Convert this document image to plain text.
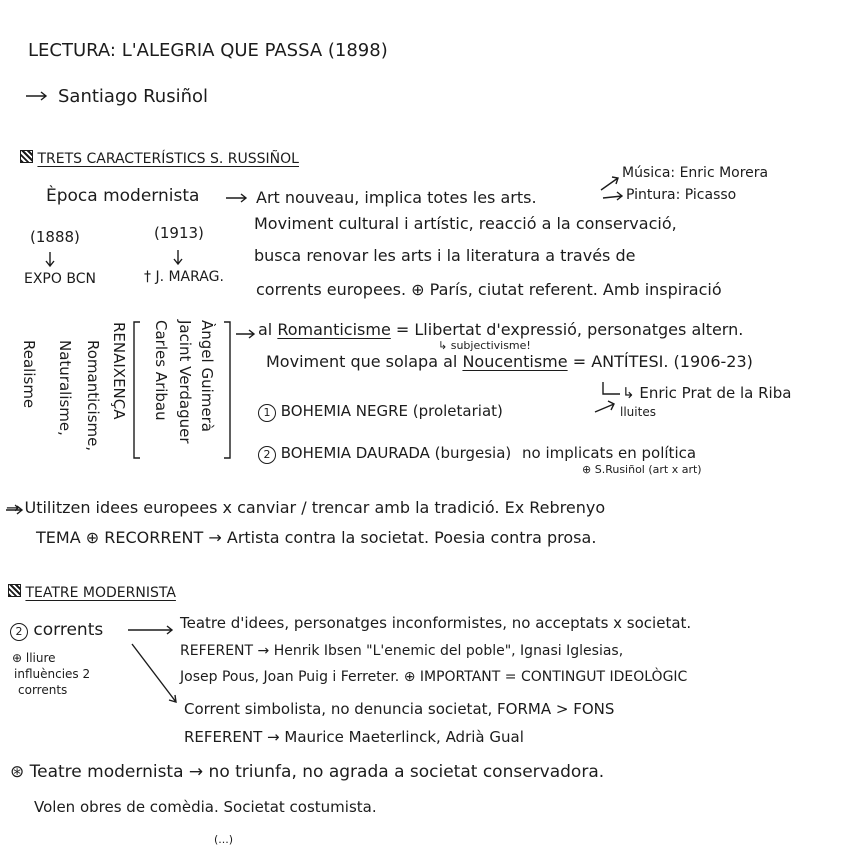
LECTURA: L'ALEGRIA QUE PASSA (1898)
Santiago Rusiñol
TRETS CARACTERÍSTICS S. RUSSIÑOL
Època modernista	Art nouveau, implica totes les arts.
Música: Enric Morera
Pintura: Picasso
(1888)	(1913)
EXPO BCN	† J. MARAG.
Moviment cultural i artístic, reacció a la conservació,
busca renovar les arts i la literatura a través de
corrents europees. ⊕ París, ciutat referent. Amb inspiració
al Romanticisme = Llibertat d'expressió, personatges altern.
↳ subjectivisme!
Moviment que solapa al Noucentisme = ANTÍTESI. (1906-23)
↳ Enric Prat de la Riba
lluites
1 BOHEMIA NEGRE (proletariat)
2 BOHEMIA DAURADA (burgesia) no implicats en política
⊕ S.Rusiñol (art x art)
Àngel Guimerà
Jacint Verdaguer
Carles Aribau
RENAIXENÇA
Romanticisme,
Naturalisme,
Realisme
→ Utilitzen idees europees x canviar / trencar amb la tradició. Ex Rebrenyo
TEMA ⊕ RECORRENT → Artista contra la societat. Poesia contra prosa.
TEATRE MODERNISTA
2 corrents
⊕ lliure
influències 2
corrents
Teatre d'idees, personatges inconformistes, no acceptats x societat.
REFERENT → Henrik Ibsen "L'enemic del poble", Ignasi Iglesias,
Josep Pous, Joan Puig i Ferreter. ⊕ IMPORTANT = CONTINGUT IDEOLÒGIC
Corrent simbolista, no denuncia societat, FORMA > FONS
REFERENT → Maurice Maeterlinck, Adrià Gual
⊛ Teatre modernista → no triunfa, no agrada a societat conservadora.
Volen obres de comèdia. Societat costumista.
(...)
